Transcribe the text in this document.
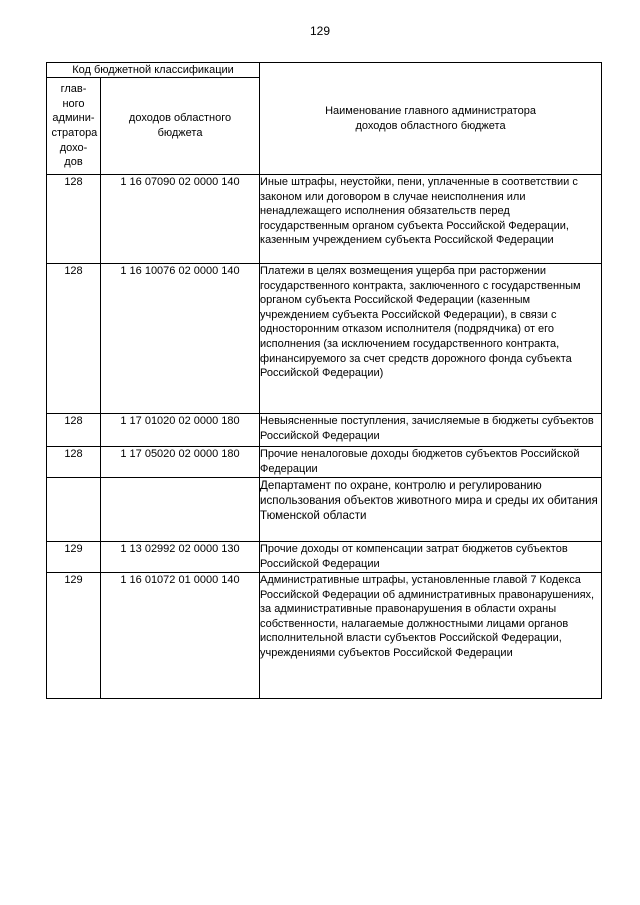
129
Код бюджетной классификации		Наименование главного администратора доходов областного бюджета
глав- ного админи- стратора дохо- дов	доходов областного бюджета	
128	1 16 07090 02 0000 140	Иные штрафы, неустойки, пени, уплаченные в соответствии с законом или договором в случае неисполнения или ненадлежащего исполнения обязательств перед государственным органом субъекта Российской Федерации, казенным учреждением субъекта Российской Федерации
128	1 16 10076 02 0000 140	Платежи в целях возмещения ущерба при расторжении государственного контракта, заключенного с государственным органом субъекта Российской Федерации (казенным учреждением субъекта Российской Федерации), в связи с односторонним отказом исполнителя (подрядчика) от его исполнения (за исключением государственного контракта, финансируемого за счет средств дорожного фонда субъекта Российской Федерации)
128	1 17 01020 02 0000 180	Невыясненные поступления, зачисляемые в бюджеты субъектов Российской Федерации
128	1 17 05020 02 0000 180	Прочие неналоговые доходы бюджетов субъектов Российской Федерации
		Департамент по охране, контролю и регулированию использования объектов животного мира и среды их обитания Тюменской области
129	1 13 02992 02 0000 130	Прочие доходы от компенсации затрат бюджетов субъектов Российской Федерации
129	1 16 01072 01 0000 140	Административные штрафы, установленные главой 7 Кодекса Российской Федерации об административных правонарушениях, за административные правонарушения в области охраны собственности, налагаемые должностными лицами органов исполнительной власти субъектов Российской Федерации, учреждениями субъектов Российской Федерации
